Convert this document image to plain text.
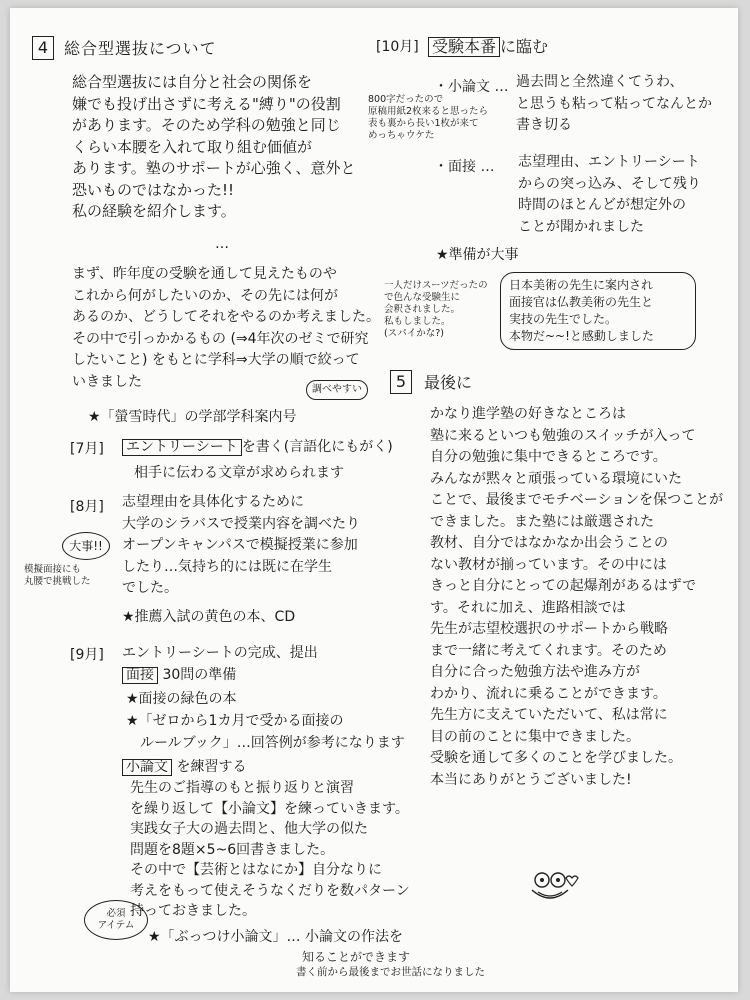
4 総合型選抜について
総合型選抜には自分と社会の関係を
嫌でも投げ出さずに考える"縛り"の役割
があります。そのため学科の勉強と同じ
くらい本腰を入れて取り組む価値が
あります。塾のサポートが心強く、意外と
恐いものではなかった!!
私の経験を紹介します。
…
まず、昨年度の受験を通して見えたものや
これから何がしたいのか、その先には何が
あるのか、どうしてそれをやるのか考えました。
その中で引っかかるもの (⇒4年次のゼミで研究
したいこと) をもとに学科⇒大学の順で絞って
いきました
★「螢雪時代」の学部学科案内号
調べやすい
[7月] エントリーシート を書く(言語化にもがく)
相手に伝わる文章が求められます
[8月] 志望理由を具体化するために
大学のシラバスで授業内容を調べたり
オープンキャンパスで模擬授業に参加
したり…気持ち的には既に在学生
でした。
★推薦入試の黄色の本、CD
大事!!
模擬面接にも
丸腰で挑戦した
[9月] エントリーシートの完成、提出
面接 30問の準備
★面接の緑色の本
★「ゼロから1カ月で受かる面接の
ルールブック」…回答例が参考になります
小論文 を練習する
先生のご指導のもと振り返りと演習
を繰り返して【小論文】を練っていきます。
実践女子大の過去問と、他大学の似た
問題を8題×5~6回書きました。
その中で【芸術とはなにか】自分なりに
考えをもって使えそうなくだりを数パターン
持っておきました。
必須
アイテム
★「ぶっつけ小論文」… 小論文の作法を
知ることができます
書く前から最後までお世話になりました
[10月] 受験本番 に臨む
・小論文 … 過去問と全然違くてうわ、
と思うも粘って粘ってなんとか
書き切る
800字だったので
原稿用紙2枚来ると思ったら
表も裏から長い1枚が来て
めっちゃウケた
・面接 … 志望理由、エントリーシート
からの突っ込み、そして残り
時間のほとんどが想定外の
ことが聞かれました
★準備が大事
一人だけスーツだったの
で色んな受験生に
会釈されました。
私もしました。
(スパイかな?)
日本美術の先生に案内され
面接官は仏教美術の先生と
実技の先生でした。
本物だ~~!と感動しました
5	最後に
かなり進学塾の好きなところは
塾に来るといつも勉強のスイッチが入って
自分の勉強に集中できるところです。
みんなが黙々と頑張っている環境にいた
ことで、最後までモチベーションを保つことが
できました。また塾には厳選された
教材、自分ではなかなか出会うことの
ない教材が揃っています。その中には
きっと自分にとっての起爆剤があるはずで
す。それに加え、進路相談では
先生が志望校選択のサポートから戦略
まで一緒に考えてくれます。そのため
自分に合った勉強方法や進み方が
わかり、流れに乗ることができます。
先生方に支えていただいて、私は常に
目の前のことに集中できました。
受験を通して多くのことを学びました。
本当にありがとうございました!
